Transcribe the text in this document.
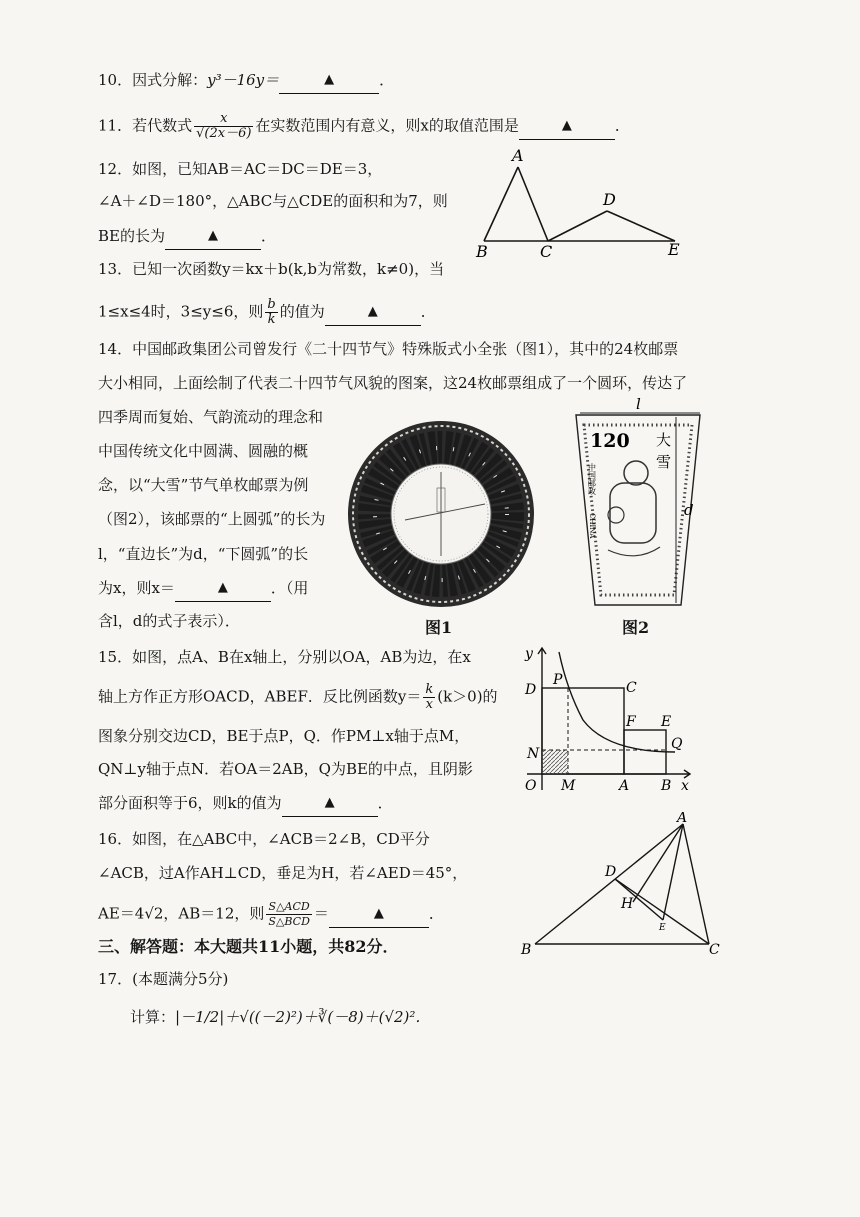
10．因式分解：y³－16y＝	▲	．
11．若代数式 $\frac{x}{√(2x-6)}$ 在实数范围内有意义，则x的取值范围是	▲	．
12．如图，已知AB＝AC＝DC＝DE＝3，
∠A＋∠D＝180°，△ABC与△CDE的面积和为7，则
BE的长为	▲	．
A
B	C
D
E
13．已知一次函数y＝kx＋b(k,b为常数，k≠0)，当
1≤x≤4时，3≤y≤6，则 $\frac{b}{k}$ 的值为	▲	．
14．中国邮政集团公司曾发行《二十四节气》特殊版式小全张（图1），其中的24枚邮票
大小相同，上面绘制了代表二十四节气风貌的图案，这24枚邮票组成了一个圆环，传达了
四季周而复始、气韵流动的理念和
中国传统文化中圆满、圆融的概
念，以“大雪”节气单枚邮票为例
（图2），该邮票的“上圆弧”的长为
l，“直边长”为d，“下圆弧”的长
为x，则x＝	▲	．（用
含l，d的式子表示）．	图1
120 大
雪
中国邮政
CHINA
l
d
图2
15．如图，点A、B在x轴上，分别以OA，AB为边，在x
轴上方作正方形OACD，ABEF．反比例函数$y= \frac{k}{x} (k>0)$的
图象分别交边CD，BE于点P，Q．作PM⊥x轴于点M，
QN⊥y轴于点N．若OA＝2AB，Q为BE的中点，且阴影
部分面积等于6，则k的值为	▲	．
y
x
D
P	C
F E
N
Q
O M	A B
16．如图，在△ABC中，∠ACB＝2∠B，CD平分
∠ACB，过A作AH⊥CD，垂足为H，若∠AED＝45°，
AE＝4√2，AB＝12，则 $\frac{\text{S△ACD}}{\text{S△BCD}}$ ＝	▲	．
A
B	C
D
H
E
三、解答题：本大题共11小题，共82分．
17．(本题满分5分)
计算：|－1/2|＋√((－2)²)＋∛(－8)＋(√2)²．
